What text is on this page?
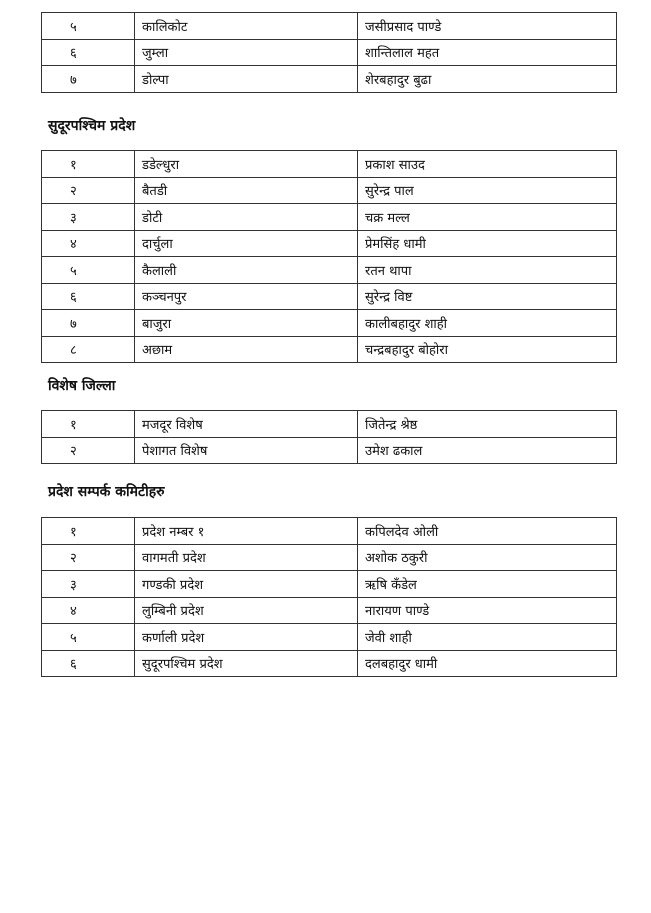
५	कालिकोट	जसीप्रसाद पाण्डे
६	जुम्ला	शान्तिलाल महत
७	डोल्पा	शेरबहादुर बुढा
सुदूरपश्चिम प्रदेश
१	डडेल्धुरा	प्रकाश साउद
२	बैतडी	सुरेन्द्र पाल
३	डोटी	चक्र मल्ल
४	दार्चुला	प्रेमसिंह धामी
५	कैलाली	रतन थापा
६	कञ्चनपुर	सुरेन्द्र विष्ट
७	बाजुरा	कालीबहादुर शाही
८	अछाम	चन्द्रबहादुर बोहोरा
विशेष जिल्ला
१	मजदूर विशेष	जितेन्द्र श्रेष्ठ
२	पेशागत विशेष	उमेश ढकाल
प्रदेश सम्पर्क कमिटीहरु
१	प्रदेश नम्बर १	कपिलदेव ओली
२	वागमती प्रदेश	अशोक ठकुरी
३	गण्डकी प्रदेश	ऋषि कँडेल
४	लुम्बिनी प्रदेश	नारायण पाण्डे
५	कर्णाली प्रदेश	जेवी शाही
६	सुदूरपश्चिम प्रदेश	दलबहादुर धामी
